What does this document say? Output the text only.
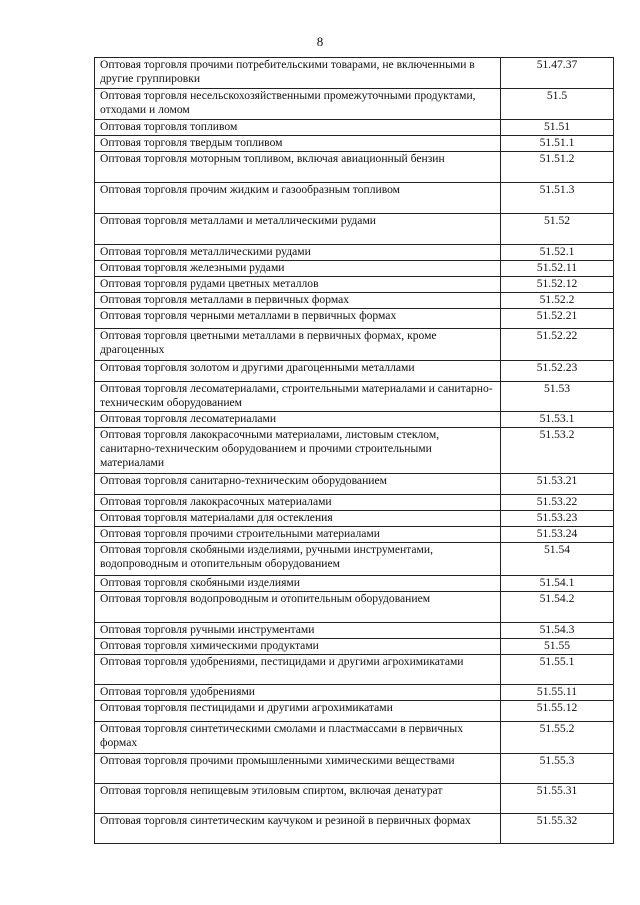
8
Оптовая торговля прочими потребительскими товарами, не включенными в другие группировки	51.47.37
Оптовая торговля несельскохозяйственными промежуточными продуктами, отходами и ломом	51.5
Оптовая торговля топливом	51.51
Оптовая торговля твердым топливом	51.51.1
Оптовая торговля моторным топливом, включая авиационный бензин	51.51.2
Оптовая торговля прочим жидким и газообразным топливом	51.51.3
Оптовая торговля металлами и металлическими рудами	51.52
Оптовая торговля металлическими рудами	51.52.1
Оптовая торговля железными рудами	51.52.11
Оптовая торговля рудами цветных металлов	51.52.12
Оптовая торговля металлами в первичных формах	51.52.2
Оптовая торговля черными металлами в первичных формах	51.52.21
Оптовая торговля цветными металлами в первичных формах, кроме драгоценных	51.52.22
Оптовая торговля золотом и другими драгоценными металлами	51.52.23
Оптовая торговля лесоматериалами, строительными материалами и санитарно-техническим оборудованием	51.53
Оптовая торговля лесоматериалами	51.53.1
Оптовая торговля лакокрасочными материалами, листовым стеклом, санитарно-техническим оборудованием и прочими строительными материалами	51.53.2
Оптовая торговля санитарно-техническим оборудованием	51.53.21
Оптовая торговля лакокрасочных материалами	51.53.22
Оптовая торговля материалами для остекления	51.53.23
Оптовая торговля прочими строительными материалами	51.53.24
Оптовая торговля скобяными изделиями, ручными инструментами, водопроводным и отопительным оборудованием	51.54
Оптовая торговля скобяными изделиями	51.54.1
Оптовая торговля водопроводным и отопительным оборудованием	51.54.2
Оптовая торговля ручными инструментами	51.54.3
Оптовая торговля химическими продуктами	51.55
Оптовая торговля удобрениями, пестицидами и другими агрохимикатами	51.55.1
Оптовая торговля удобрениями	51.55.11
Оптовая торговля пестицидами и другими агрохимикатами	51.55.12
Оптовая торговля синтетическими смолами и пластмассами в первичных формах	51.55.2
Оптовая торговля прочими промышленными химическими веществами	51.55.3
Оптовая торговля непищевым этиловым спиртом, включая денатурат	51.55.31
Оптовая торговля синтетическим каучуком и резиной в первичных формах	51.55.32
